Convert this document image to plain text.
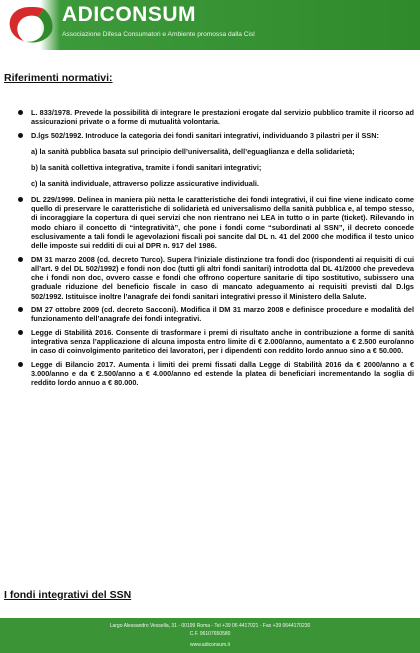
ADICONSUM
Associazione Difesa Consumatori e Ambiente promossa dalla Cisl
Riferimenti normativi:
L. 833/1978. Prevede la possibilità di integrare le prestazioni erogate dal servizio pubblico tramite il ricorso ad assicurazioni private o a forme di mutualità volontaria.
D.lgs 502/1992. Introduce la categoria dei fondi sanitari integrativi, individuando 3 pilastri per il SSN:
a) la sanità pubblica basata sul principio dell’universalità, dell’eguaglianza e della solidarietà;
b) la sanità collettiva integrativa, tramite i fondi sanitari integrativi;
c) la sanità individuale, attraverso polizze assicurative individuali.
DL 229/1999. Delinea in maniera più netta le caratteristiche dei fondi integrativi, il cui fine viene indicato come quello di preservare le caratteristiche di solidarietà ed universalismo della sanità pubblica e, al tempo stesso, di incoraggiare la copertura di quei servizi che non rientrano nei LEA in tutto o in parte (ticket). Rilevando in modo chiaro il concetto di “integratività”, che pone i fondi come “subordinati al SSN”, il decreto concede esclusivamente a tali fondi le agevolazioni fiscali poi sancite dal DL n. 41 del 2000 che modifica il testo unico delle imposte sui redditi di cui al DPR n. 917 del 1986.
DM 31 marzo 2008 (cd. decreto Turco). Supera l’iniziale distinzione tra fondi doc (rispondenti ai requisiti di cui all’art. 9 del DL 502/1992) e fondi non doc (tutti gli altri fondi sanitari) introdotta dal DL 41/2000 che prevedeva che i fondi non doc, ovvero casse e fondi che offrono coperture sanitarie di tipo sostitutivo, subissero una graduale riduzione del beneficio fiscale in caso di mancato adeguamento ai requisiti previsti dal D.lgs 502/1992. Istituisce inoltre l’anagrafe dei fondi sanitari integrativi presso il Ministero della Salute.
DM 27 ottobre 2009 (cd. decreto Sacconi). Modifica il DM 31 marzo 2008 e definisce procedure e modalità del funzionamento dell’anagrafe dei fondi integrativi.
Legge di Stabilità 2016. Consente di trasformare i premi di risultato anche in contribuzione a forme di sanità integrativa senza l’applicazione di alcuna imposta entro limite di € 2.000/anno, aumentato a € 2.500 euro/anno in caso di coinvolgimento paritetico dei lavoratori, per i dipendenti con reddito lordo annuo sino a € 50.000.
Legge di Bilancio 2017. Aumenta i limiti dei premi fissati dalla Legge di Stabilità 2016 da € 2000/anno a € 3.000/anno e da € 2.500/anno a € 4.000/anno ed estende la platea di beneficiari incrementando la soglia di reddito lordo annuo a € 80.000.
I fondi integrativi del SSN
Largo Alessandro Vessella, 31 - 00199 Roma - Tel +39 06 4417021 - Fax +39 0644170230
C.F. 96107650580
www.adiconsum.it
